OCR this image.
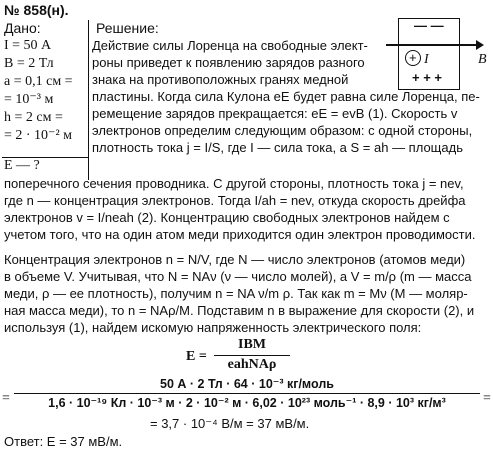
№ 858(н).
Дано:	Решение:
I = 50 А
B = 2 Тл
a = 0,1 см =
= 10⁻³ м
h = 2 см =
= 2 · 10⁻² м
E — ?
— —
+ + +
+ I	B
Действие силы Лоренца на свободные элект-
роны приведет к появлению зарядов разного
знака на противоположных гранях медной
пластины. Когда сила Кулона eE будет равна силе Лоренца, пе-
ремещение зарядов прекращается: eE = evB (1). Скорость v
электронов определим следующим образом: с одной стороны,
плотность тока j = I/S, где I — сила тока, а S = ah — площадь
поперечного сечения проводника. С другой стороны, плотность тока j = nev,
где n — концентрация электронов. Тогда I/ah = nev, откуда скорость дрейфа
электронов v = I/neah (2). Концентрацию свободных электронов найдем с
учетом того, что на один атом меди приходится один электрон проводимости.
Концентрация электронов n = N/V, где N — число электронов (атомов меди)
в объеме V. Учитывая, что N = NAν (ν — число молей), а V = m/ρ (m — масса
меди, ρ — ее плотность), получим n = NA ν/m ρ. Так как m = Mν (M — моляр-
ная масса меди), то n = NAρ/M. Подставим n в выражение для скорости (2), и
используя (1), найдем искомую напряженность электрического поля:
E =
IBM
eahNAρ
=
50 А · 2 Тл · 64 · 10⁻³ кг/моль
1,6 · 10⁻¹⁹ Кл · 10⁻³ м · 2 · 10⁻² м · 6,02 · 10²³ моль⁻¹ · 8,9 · 10³ кг/м³	=
= 3,7 · 10⁻⁴ В/м = 37 мВ/м.
Ответ: E = 37 мВ/м.
